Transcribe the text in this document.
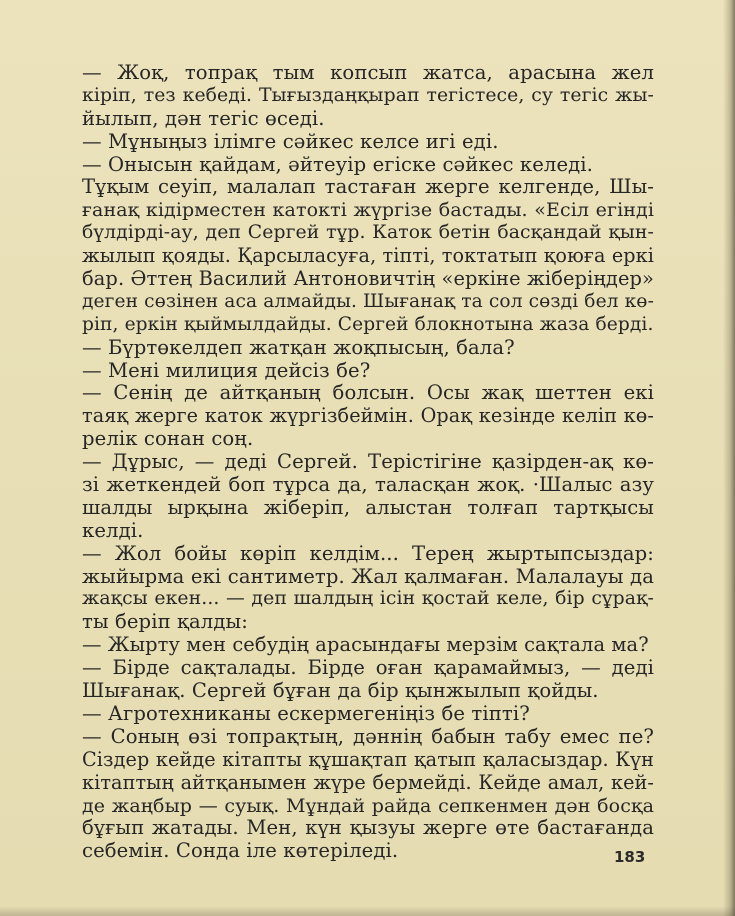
— Жоқ, топрақ тым копсып жатса, арасына жел
кіріп, тез кебеді. Тығыздаңқырап тегістесе, су тегіс жы-
йылып, дән тегіс өседі.
— Мұныңыз ілімге сәйкес келсе игі еді.
— Онысын қайдам, әйтеуір егіске сәйкес келеді.
Тұқым сеуіп, малалап тастаған жерге келгенде, Шы-
ғанақ кідірместен катокті жүргізе бастады. «Есіл егінді
бүлдірді-ау, деп Сергей тұр. Каток бетін басқандай қын-
жылып қояды. Қарсыласуға, тіпті, токтатып қоюға еркі
бар. Әттең Василий Антоновичтің «еркіне жіберіңдер»
деген сөзінен аса алмайды. Шығанақ та сол сөзді бел кө-
ріп, еркін қыймылдайды. Сергей блокнотына жаза берді.
— Бүртөкелдеп жатқан жоқпысың, бала?
— Мені милиция дейсіз бе?
— Сенің де айтқаның болсын. Осы жақ шеттен екі
таяқ жерге каток жүргізбеймін. Орақ кезінде келіп кө-
релік сонан соң.
— Дұрыс, — деді Сергей. Терістігіне қазірден-ақ кө-
зі жеткендей боп тұрса да, таласқан жоқ. ·Шалыс азу
шалды ырқына жіберіп, алыстан толғап тартқысы
келді.
— Жол бойы көріп келдім... Терең жыртыпсыздар:
жыйырма екі сантиметр. Жал қалмаған. Малалауы да
жақсы екен... — деп шалдың ісін қостай келе, бір сұрақ-
ты беріп қалды:
— Жырту мен себудің арасындағы мерзім сақтала ма?
— Бірде сақталады. Бірде оған қарамаймыз, — деді
Шығанақ. Сергей бұған да бір қынжылып қойды.
— Агротехниканы ескермегеніңіз бе тіпті?
— Соның өзі топрақтың, дәннің бабын табу емес пе?
Сіздер кейде кітапты құшақтап қатып қаласыздар. Күн
кітаптың айтқанымен жүре бермейді. Кейде амал, кей-
де жаңбыр — суық. Мұндай райда сепкенмен дән босқа
бұғып жатады. Мен, күн қызуы жерге өте бастағанда
себемін. Сонда іле көтеріледі.	183
